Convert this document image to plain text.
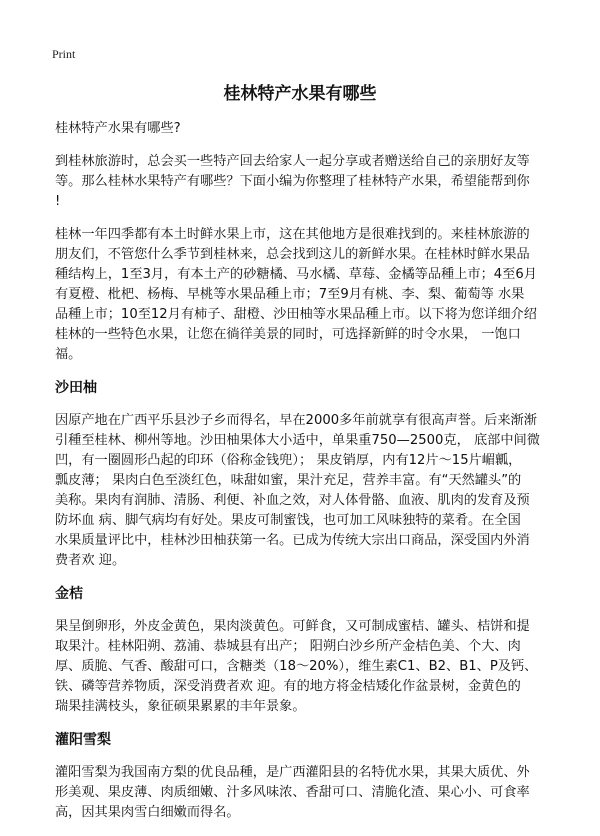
Print
桂林特产水果有哪些
桂林特产水果有哪些?
到桂林旅游时，总会买一些特产回去给家人一起分享或者赠送给自己的亲朋好友等
等。那么桂林水果特产有哪些？下面小编为你整理了桂林特产水果，希望能帮到你
!
桂林一年四季都有本土时鲜水果上市，这在其他地方是很难找到的。来桂林旅游的
朋友们，不管您什么季节到桂林来，总会找到这儿的新鲜水果。在桂林时鲜水果品
種结构上，1至3月，有本土产的砂糖橘、马水橘、草莓、金橘等品種上市；4至6月
有夏橙、枇杷、杨梅、早桃等水果品種上市；7至9月有桃、李、梨、葡萄等 水果
品種上市；10至12月有柿子、甜橙、沙田柚等水果品種上市。以下将为您详细介绍
桂林的一些特色水果，让您在徜徉美景的同时，可选择新鲜的时令水果， 一饱口
福。
沙田柚
因原产地在广西平乐县沙子乡而得名，早在2000多年前就享有很高声誉。后来渐渐
引種至桂林、柳州等地。沙田柚果体大小适中，单果重750—2500克， 底部中间微
凹，有一圈圆形凸起的印环（俗称金钱兜）； 果皮销厚，内有12片～15片嵋瓤，
瓢皮薄； 果肉白色至淡红色，味甜如蜜，果汁充足，营养丰富。有“天然罐头”的
美称。果肉有润肺、清肠、利便、补血之效，对人体骨骼、血液、肌肉的发育及预
防坏血 病、脚气病均有好处。果皮可制蜜饯，也可加工风味独特的菜肴。在全国
水果质量评比中，桂林沙田柚获第一名。已成为传统大宗出口商品，深受国内外消
费者欢 迎。
金桔
果呈倒卵形，外皮金黄色，果肉淡黄色。可鲜食，又可制成蜜桔、罐头、桔饼和提
取果汁。桂林阳朔、荔浦、恭城县有出产； 阳朔白沙乡所产金桔色美、个大、肉
厚、质脆、气香、酸甜可口，含糖类（18～20%），维生素C1、B2、B1、P及钙、
铁、磷等营养物质，深受消费者欢 迎。有的地方将金桔矮化作盆景树，金黄色的
瑞果挂满枝头，象征硕果累累的丰年景象。
灌阳雪梨
灌阳雪梨为我国南方梨的优良品種，是广西灌阳县的名特优水果，其果大质优、外
形美观、果皮薄、肉质细嫩、汁多风味浓、香甜可口、清脆化渣、果心小、可食率
高，因其果肉雪白细嫩而得名。
